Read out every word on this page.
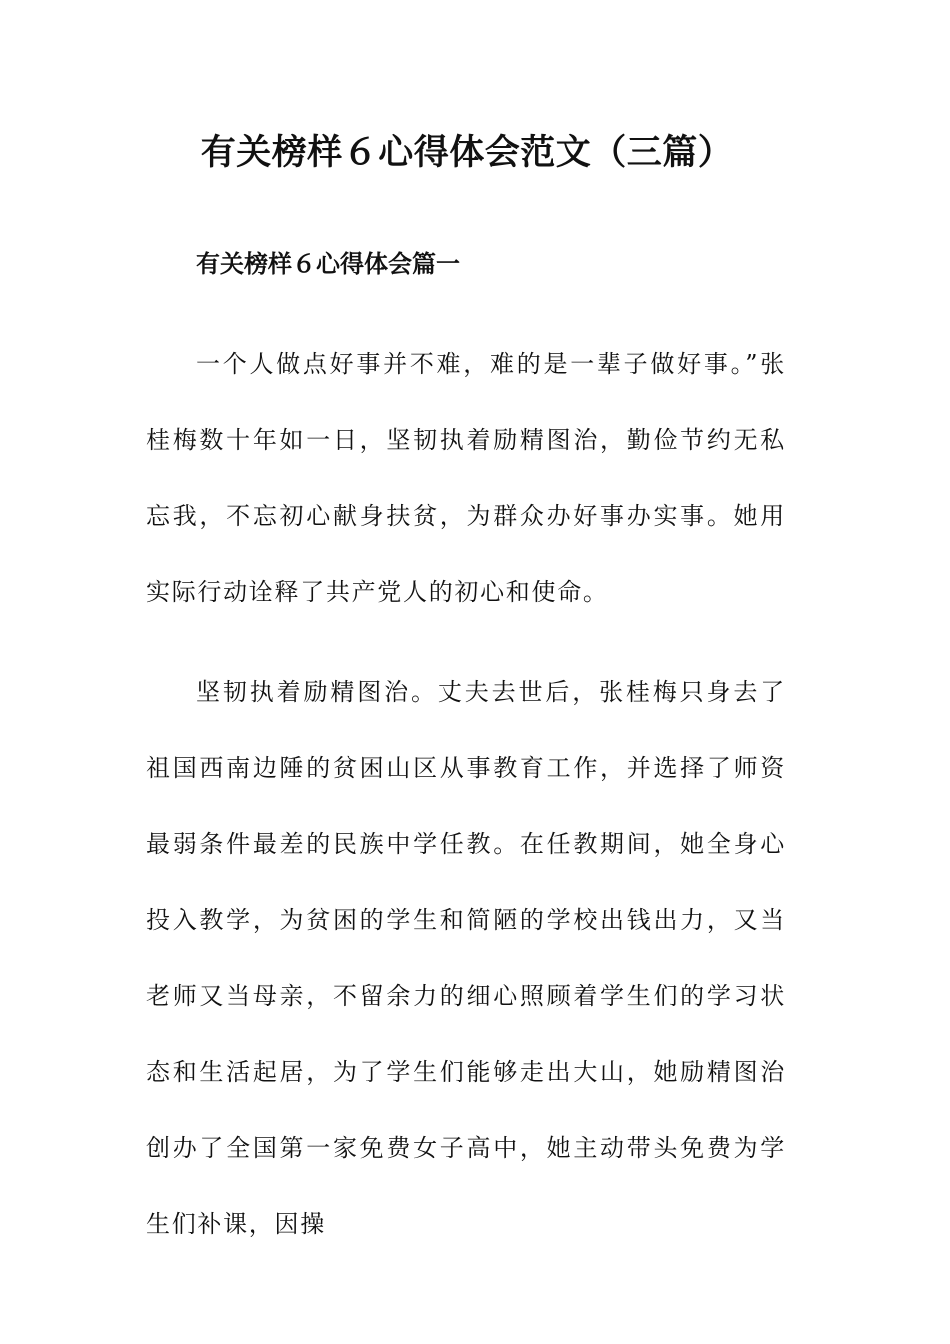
有关榜样６心得体会范文（三篇）
有关榜样６心得体会篇一

一个人做点好事并不难，难的是一辈子做好事。”张桂梅数十年如一日，坚韧执着励精图治，勤俭节约无私忘我，不忘初心献身扶贫，为群众办好事办实事。她用实际行动诠释了共产党人的初心和使命。

坚韧执着励精图治。丈夫去世后，张桂梅只身去了祖国西南边陲的贫困山区从事教育工作，并选择了师资最弱条件最差的民族中学任教。在任教期间，她全身心投入教学，为贫困的学生和简陋的学校出钱出力，又当老师又当母亲，不留余力的细心照顾着学生们的学习状态和生活起居，为了学生们能够走出大山，她励精图治创办了全国第一家免费女子高中，她主动带头免费为学生们补课，因操
